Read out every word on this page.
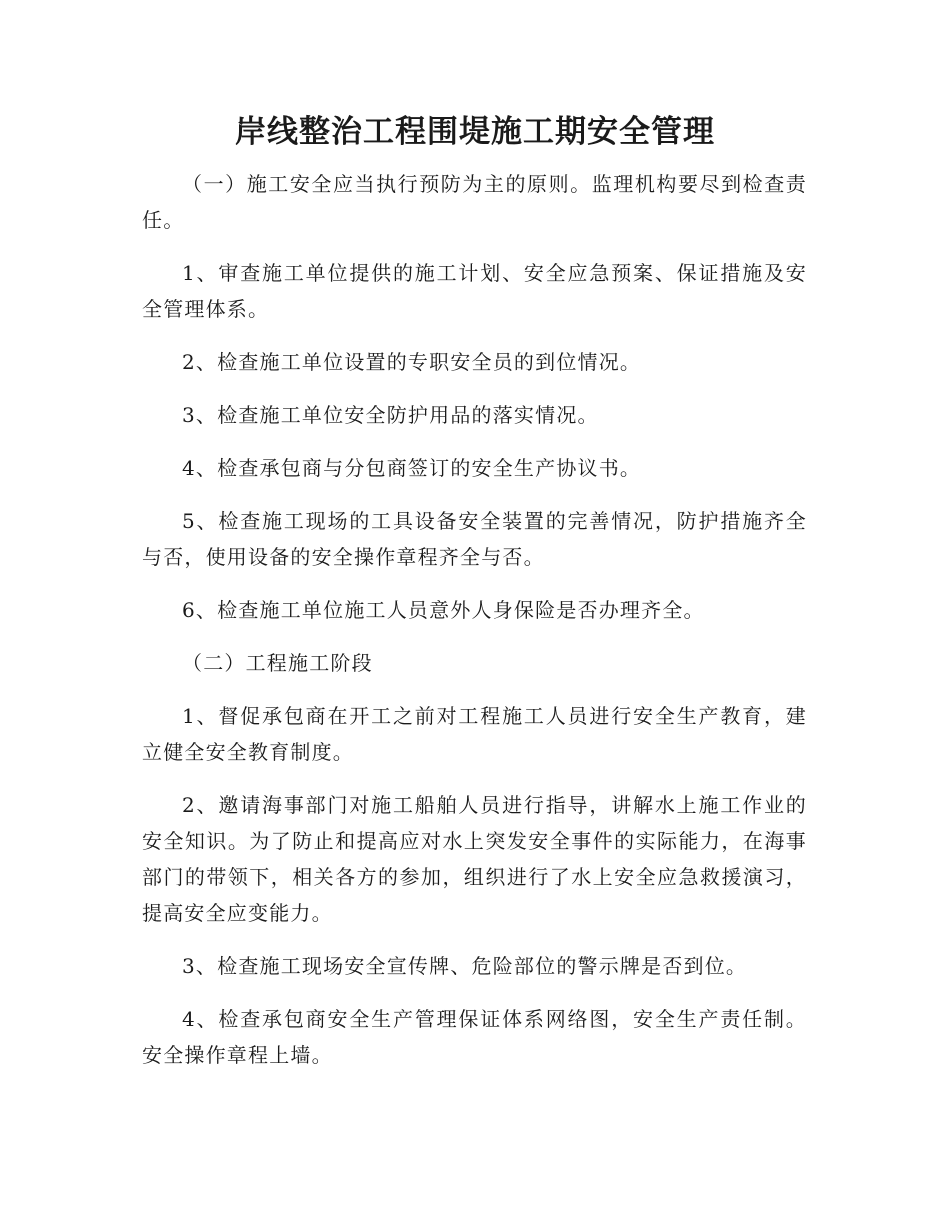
岸线整治工程围堤施工期安全管理

（一）施工安全应当执行预防为主的原则。监理机构要尽到检查责任。

1、审查施工单位提供的施工计划、安全应急预案、保证措施及安全管理体系。

2、检查施工单位设置的专职安全员的到位情况。

3、检查施工单位安全防护用品的落实情况。

4、检查承包商与分包商签订的安全生产协议书。

5、检查施工现场的工具设备安全装置的完善情况，防护措施齐全与否，使用设备的安全操作章程齐全与否。

6、检查施工单位施工人员意外人身保险是否办理齐全。

（二）工程施工阶段

1、督促承包商在开工之前对工程施工人员进行安全生产教育，建立健全安全教育制度。

2、邀请海事部门对施工船舶人员进行指导，讲解水上施工作业的安全知识。为了防止和提高应对水上突发安全事件的实际能力，在海事部门的带领下，相关各方的参加，组织进行了水上安全应急救援演习，提高安全应变能力。

3、检查施工现场安全宣传牌、危险部位的警示牌是否到位。

4、检查承包商安全生产管理保证体系网络图，安全生产责任制。安全操作章程上墙。
